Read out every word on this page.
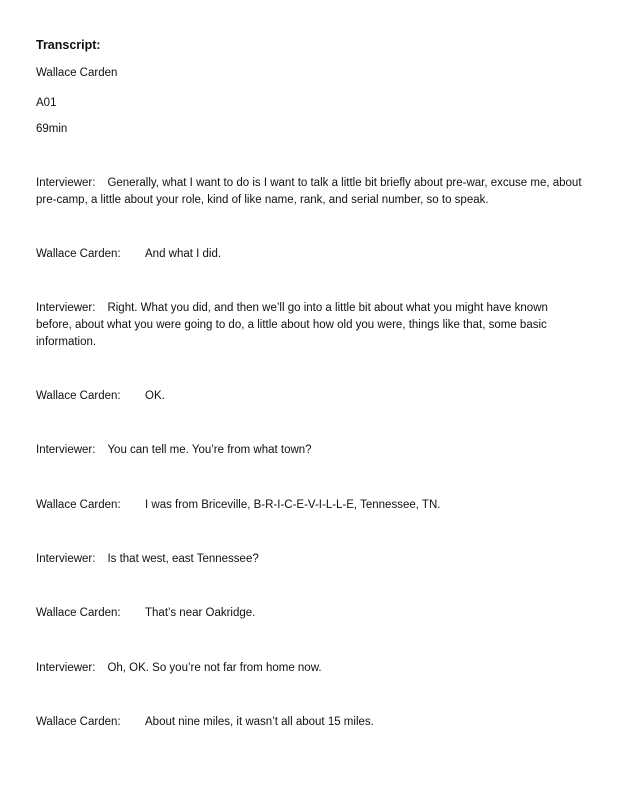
Transcript:
Wallace Carden
A01
69min
Interviewer: Generally, what I want to do is I want to talk a little bit briefly about pre-war, excuse me, about pre-camp, a little about your role, kind of like name, rank, and serial number, so to speak.
Wallace Carden: And what I did.
Interviewer: Right. What you did, and then we’ll go into a little bit about what you might have known before, about what you were going to do, a little about how old you were, things like that, some basic information.
Wallace Carden: OK.
Interviewer: You can tell me. You’re from what town?
Wallace Carden: I was from Briceville, B-R-I-C-E-V-I-L-L-E, Tennessee, TN.
Interviewer: Is that west, east Tennessee?
Wallace Carden: That’s near Oakridge.
Interviewer: Oh, OK. So you’re not far from home now.
Wallace Carden: About nine miles, it wasn’t all about 15 miles.
